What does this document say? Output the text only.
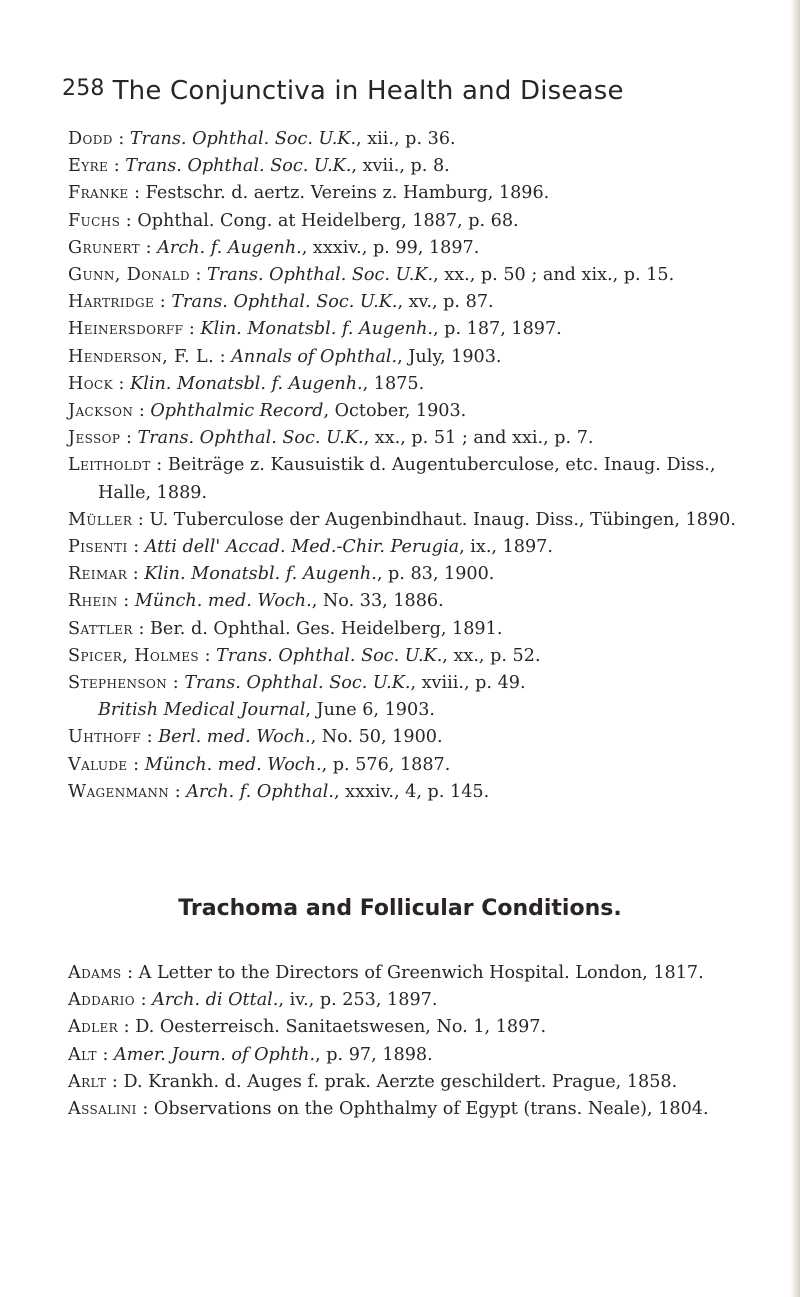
258 The Conjunctiva in Health and Disease

Dodd : Trans. Ophthal. Soc. U.K., xii., p. 36.

Eyre : Trans. Ophthal. Soc. U.K., xvii., p. 8.

Franke : Festschr. d. aertz. Vereins z. Hamburg, 1896.

Fuchs : Ophthal. Cong. at Heidelberg, 1887, p. 68.

Grunert : Arch. f. Augenh., xxxiv., p. 99, 1897.

Gunn, Donald : Trans. Ophthal. Soc. U.K., xx., p. 50 ; and xix., p. 15.

Hartridge : Trans. Ophthal. Soc. U.K., xv., p. 87.

Heinersdorff : Klin. Monatsbl. f. Augenh., p. 187, 1897.

Henderson, F. L. : Annals of Ophthal., July, 1903.

Hock : Klin. Monatsbl. f. Augenh., 1875.

Jackson : Ophthalmic Record, October, 1903.

Jessop : Trans. Ophthal. Soc. U.K., xx., p. 51 ; and xxi., p. 7.

Leitholdt : Beiträge z. Kausuistik d. Augentuberculose, etc. Inaug. Diss., Halle, 1889.

Müller : U. Tuberculose der Augenbindhaut. Inaug. Diss., Tübingen, 1890.

Pisenti : Atti dell' Accad. Med.-Chir. Perugia, ix., 1897.

Reimar : Klin. Monatsbl. f. Augenh., p. 83, 1900.

Rhein : Münch. med. Woch., No. 33, 1886.

Sattler : Ber. d. Ophthal. Ges. Heidelberg, 1891.

Spicer, Holmes : Trans. Ophthal. Soc. U.K., xx., p. 52.

Stephenson : Trans. Ophthal. Soc. U.K., xviii., p. 49.

British Medical Journal, June 6, 1903.

Uhthoff : Berl. med. Woch., No. 50, 1900.

Valude : Münch. med. Woch., p. 576, 1887.

Wagenmann : Arch. f. Ophthal., xxxiv., 4, p. 145.

Trachoma and Follicular Conditions.

Adams : A Letter to the Directors of Greenwich Hospital. London, 1817.

Addario : Arch. di Ottal., iv., p. 253, 1897.

Adler : D. Oesterreisch. Sanitaetswesen, No. 1, 1897.

Alt : Amer. Journ. of Ophth., p. 97, 1898.

Arlt : D. Krankh. d. Auges f. prak. Aerzte geschildert. Prague, 1858.

Assalini : Observations on the Ophthalmy of Egypt (trans. Neale), 1804.
